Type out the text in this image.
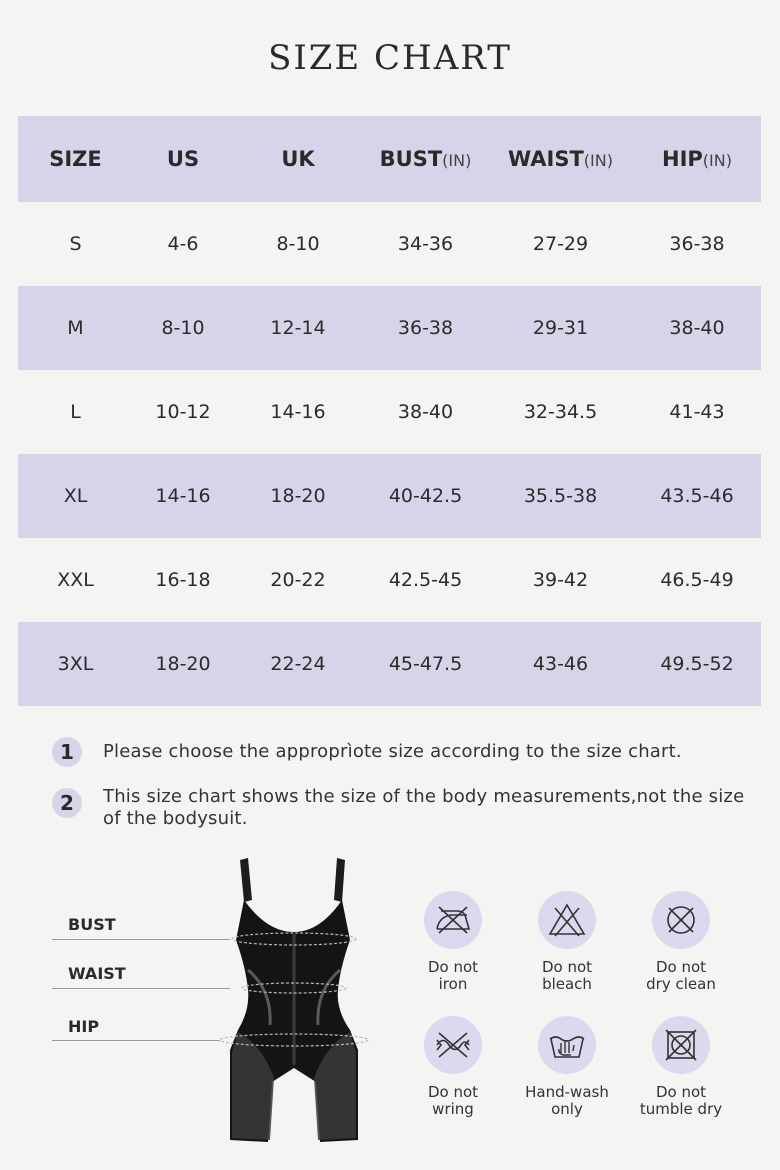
SIZE CHART
SIZE	US	UK	BUST(IN)	WAIST(IN)	HIP(IN)
S	4-6	8-10	34-36	27-29	36-38
M	8-10	12-14	36-38	29-31	38-40
L	10-12	14-16	38-40	32-34.5	41-43
XL	14-16	18-20	40-42.5	35.5-38	43.5-46
XXL	16-18	20-22	42.5-45	39-42	46.5-49
3XL	18-20	22-24	45-47.5	43-46	49.5-52
1	Please choose the approprìote size according to the size chart.
2	This size chart shows the size of the body measurements,not the size of the bodysuit.
BUST
WAIST
HIP
Do not
iron
Do not
bleach
Do not
dry clean
Do not
wring
Hand-wash
only
Do not
tumble dry
